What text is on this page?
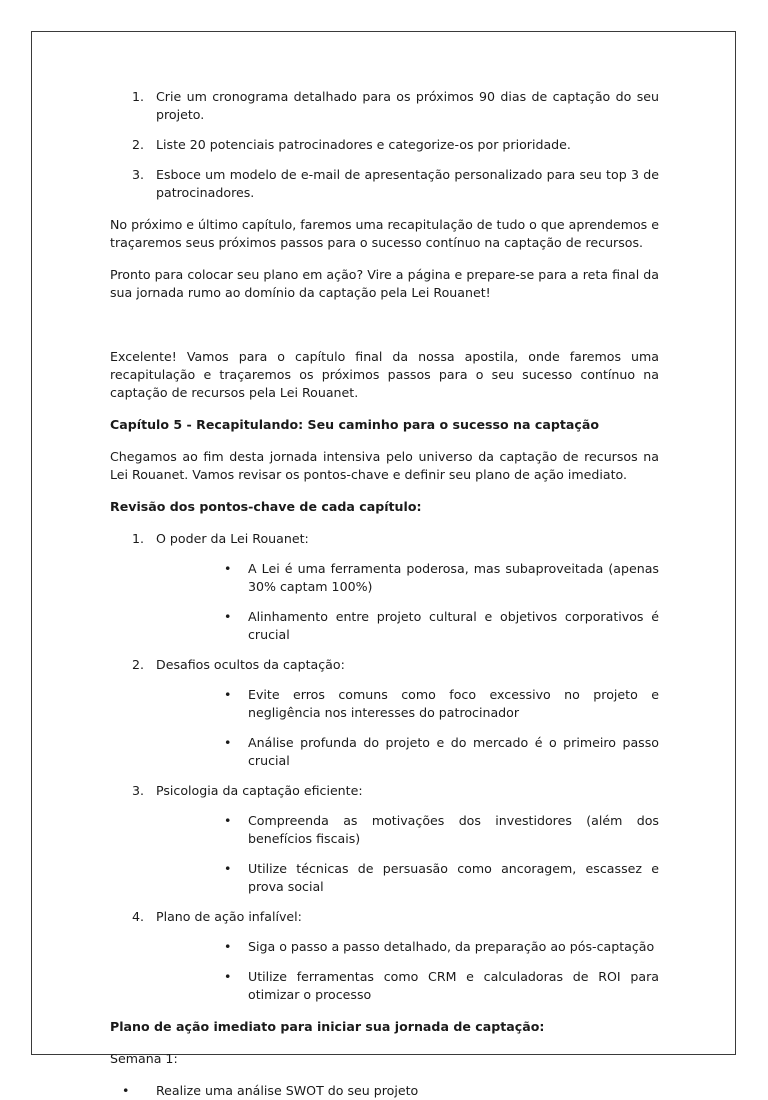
1. Crie um cronograma detalhado para os próximos 90 dias de captação do seu projeto.
2. Liste 20 potenciais patrocinadores e categorize-os por prioridade.
3. Esboce um modelo de e-mail de apresentação personalizado para seu top 3 de patrocinadores.

No próximo e último capítulo, faremos uma recapitulação de tudo o que aprendemos e traçaremos seus próximos passos para o sucesso contínuo na captação de recursos.

Pronto para colocar seu plano em ação? Vire a página e prepare-se para a reta final da sua jornada rumo ao domínio da captação pela Lei Rouanet!

Excelente! Vamos para o capítulo final da nossa apostila, onde faremos uma recapitulação e traçaremos os próximos passos para o seu sucesso contínuo na captação de recursos pela Lei Rouanet.

Capítulo 5 - Recapitulando: Seu caminho para o sucesso na captação

Chegamos ao fim desta jornada intensiva pelo universo da captação de recursos na Lei Rouanet. Vamos revisar os pontos-chave e definir seu plano de ação imediato.

Revisão dos pontos-chave de cada capítulo:

1. O poder da Lei Rouanet:
• A Lei é uma ferramenta poderosa, mas subaproveitada (apenas 30% captam 100%)
• Alinhamento entre projeto cultural e objetivos corporativos é crucial
2. Desafios ocultos da captação:
• Evite erros comuns como foco excessivo no projeto e negligência nos interesses do patrocinador
• Análise profunda do projeto e do mercado é o primeiro passo crucial
3. Psicologia da captação eficiente:
• Compreenda as motivações dos investidores (além dos benefícios fiscais)
• Utilize técnicas de persuasão como ancoragem, escassez e prova social
4. Plano de ação infalível:
• Siga o passo a passo detalhado, da preparação ao pós-captação
• Utilize ferramentas como CRM e calculadoras de ROI para otimizar o processo

Plano de ação imediato para iniciar sua jornada de captação:

Semana 1:

• Realize uma análise SWOT do seu projeto
